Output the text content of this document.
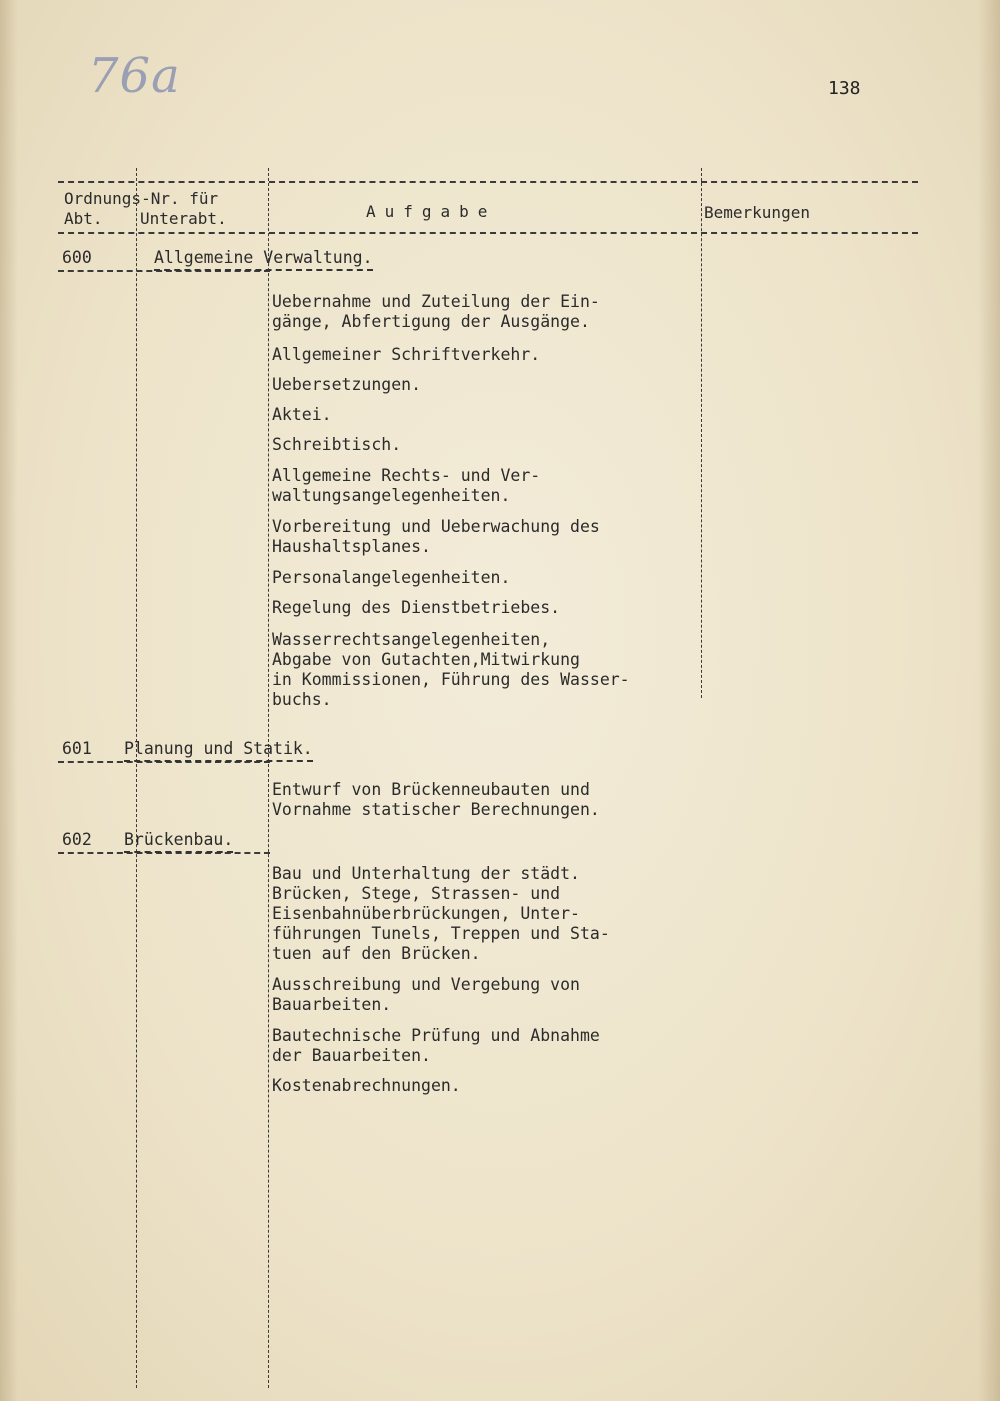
76a	138
Ordnungs-Nr. für
Abt. Unterabt.	Aufgabe	Bemerkungen
600	Allgemeine Verwaltung.
Uebernahme und Zuteilung der Ein-
gänge, Abfertigung der Ausgänge.
Allgemeiner Schriftverkehr.
Uebersetzungen.
Aktei.
Schreibtisch.
Allgemeine Rechts- und Ver-
waltungsangelegenheiten.
Vorbereitung und Ueberwachung des
Haushaltsplanes.
Personalangelegenheiten.
Regelung des Dienstbetriebes.
Wasserrechtsangelegenheiten,
Abgabe von Gutachten,Mitwirkung
in Kommissionen, Führung des Wasser-
buchs.
601 Planung und Statik.
Entwurf von Brückenneubauten und
Vornahme statischer Berechnungen.
602 Brückenbau.
Bau und Unterhaltung der städt.
Brücken, Stege, Strassen- und
Eisenbahnüberbrückungen, Unter-
führungen Tunels, Treppen und Sta-
tuen auf den Brücken.
Ausschreibung und Vergebung von
Bauarbeiten.
Bautechnische Prüfung und Abnahme
der Bauarbeiten.
Kostenabrechnungen.
